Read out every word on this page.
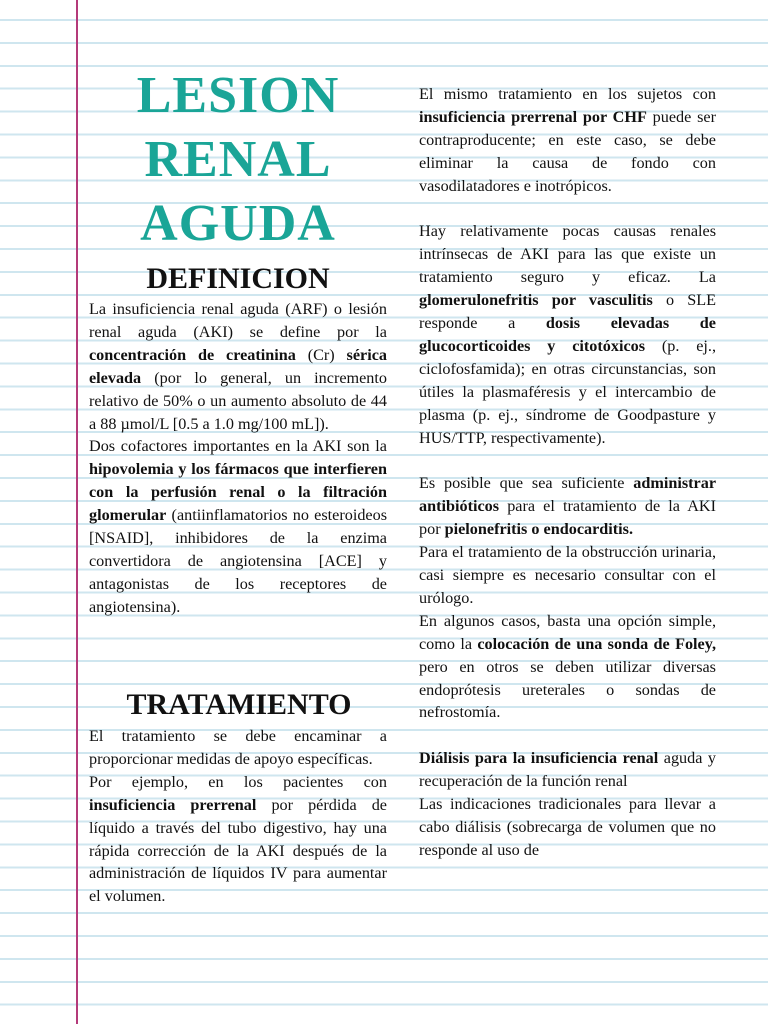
LESION RENAL AGUDA
DEFINICION

La insuficiencia renal aguda (ARF) o lesión renal aguda (AKI) se define por la concentración de creatinina (Cr) sérica elevada (por lo general, un incremento relativo de 50% o un aumento absoluto de 44 a 88 µmol/L [0.5 a 1.0 mg/100 mL]).

Dos cofactores importantes en la AKI son la hipovolemia y los fármacos que interfieren con la perfusión renal o la filtración glomerular (antiinflamatorios no esteroideos [NSAID], inhibidores de la enzima convertidora de angiotensina [ACE] y antagonistas de los receptores de angiotensina).

TRATAMIENTO

El tratamiento se debe encaminar a proporcionar medidas de apoyo específicas.

Por ejemplo, en los pacientes con insuficiencia prerrenal por pérdida de líquido a través del tubo digestivo, hay una rápida corrección de la AKI después de la administración de líquidos IV para aumentar el volumen.

El mismo tratamiento en los sujetos con insuficiencia prerrenal por CHF puede ser contraproducente; en este caso, se debe eliminar la causa de fondo con vasodilatadores e inotrópicos.

Hay relativamente pocas causas renales intrínsecas de AKI para las que existe un tratamiento seguro y eficaz. La glomerulonefritis por vasculitis o SLE responde a dosis elevadas de glucocorticoides y citotóxicos (p. ej., ciclofosfamida); en otras circunstancias, son útiles la plasmaféresis y el intercambio de plasma (p. ej., síndrome de Goodpasture y HUS/TTP, respectivamente).

Es posible que sea suficiente administrar antibióticos para el tratamiento de la AKI por pielonefritis o endocarditis.

Para el tratamiento de la obstrucción urinaria, casi siempre es necesario consultar con el urólogo.

En algunos casos, basta una opción simple, como la colocación de una sonda de Foley, pero en otros se deben utilizar diversas endoprótesis ureterales o sondas de nefrostomía.

Diálisis para la insuficiencia renal aguda y recuperación de la función renal

Las indicaciones tradicionales para llevar a cabo diálisis (sobrecarga de volumen que no responde al uso de
